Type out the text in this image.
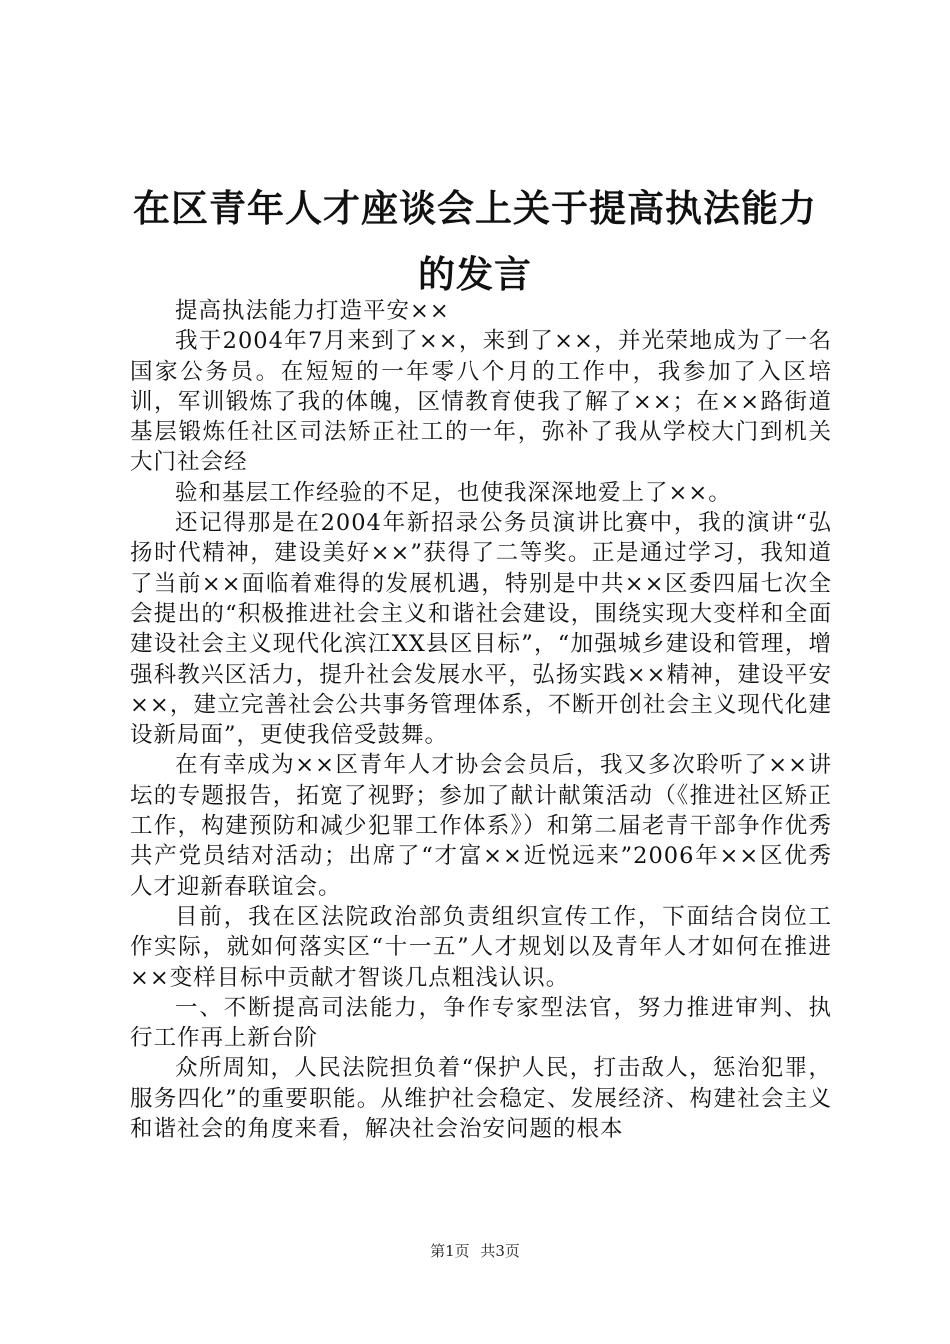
在区青年人才座谈会上关于提高执法能力的发言

提高执法能力打造平安××

我于2004年7月来到了××，来到了××，并光荣地成为了一名国家公务员。在短短的一年零八个月的工作中，我参加了入区培训，军训锻炼了我的体魄，区情教育使我了解了××；在××路街道基层锻炼任社区司法矫正社工的一年，弥补了我从学校大门到机关大门社会经

验和基层工作经验的不足，也使我深深地爱上了××。

还记得那是在2004年新招录公务员演讲比赛中，我的演讲“弘扬时代精神，建设美好××”获得了二等奖。正是通过学习，我知道了当前××面临着难得的发展机遇，特别是中共××区委四届七次全会提出的“积极推进社会主义和谐社会建设，围绕实现大变样和全面建设社会主义现代化滨江XX县区目标”，“加强城乡建设和管理，增强科教兴区活力，提升社会发展水平，弘扬实践××精神，建设平安××，建立完善社会公共事务管理体系，不断开创社会主义现代化建设新局面”，更使我倍受鼓舞。

在有幸成为××区青年人才协会会员后，我又多次聆听了××讲坛的专题报告，拓宽了视野；参加了献计献策活动（《推进社区矫正工作，构建预防和减少犯罪工作体系》）和第二届老青干部争作优秀共产党员结对活动；出席了“才富××近悦远来”2006年××区优秀人才迎新春联谊会。

目前，我在区法院政治部负责组织宣传工作，下面结合岗位工作实际，就如何落实区“十一五”人才规划以及青年人才如何在推进××变样目标中贡献才智谈几点粗浅认识。

一、不断提高司法能力，争作专家型法官，努力推进审判、执行工作再上新台阶

众所周知，人民法院担负着“保护人民，打击敌人，惩治犯罪，服务四化”的重要职能。从维护社会稳定、发展经济、构建社会主义和谐社会的角度来看，解决社会治安问题的根本

第1页 共3页
